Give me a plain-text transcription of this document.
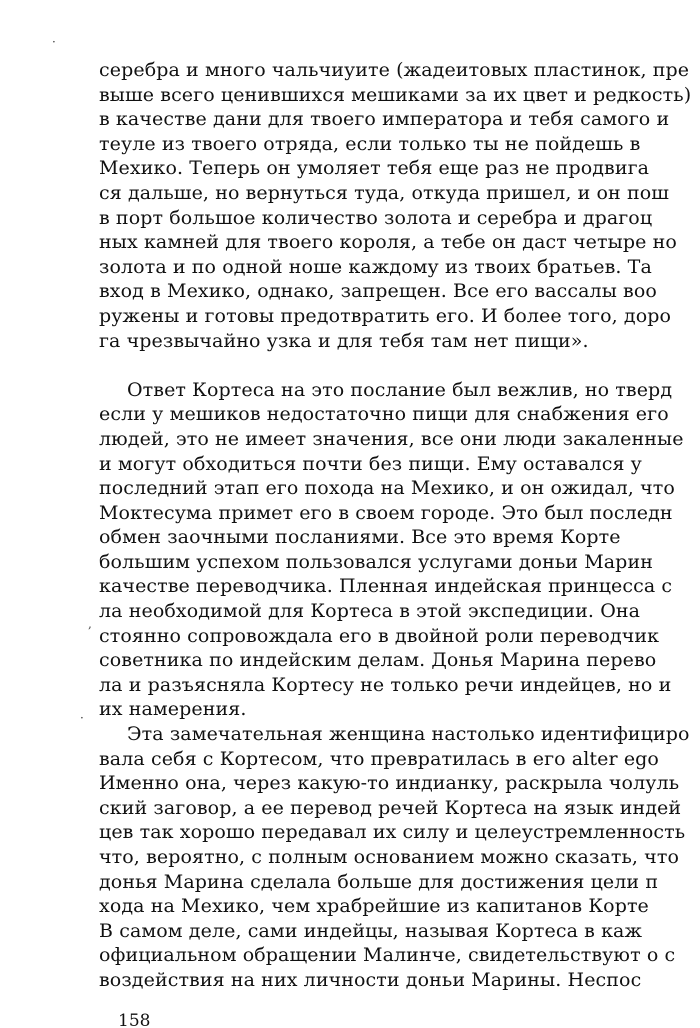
серебра и много чальчиуите (жадеитовых пластинок, пре
выше всего ценившихся мешиками за их цвет и редкость)
в качестве дани для твоего императора и тебя самого и
теуле из твоего отряда, если только ты не пойдешь в
Мехико. Теперь он умоляет тебя еще раз не продвига
ся дальше, но вернуться туда, откуда пришел, и он пош
в порт большое количество золота и серебра и драгоц
ных камней для твоего короля, а тебе он даст четыре но
золота и по одной ноше каждому из твоих братьев. Та
вход в Мехико, однако, запрещен. Все его вассалы воо
ружены и готовы предотвратить его. И более того, доро
га чрезвычайно узка и для тебя там нет пищи».
Ответ Кортеса на это послание был вежлив, но тверд
если у мешиков недостаточно пищи для снабжения его
людей, это не имеет значения, все они люди закаленные
и могут обходиться почти без пищи. Ему оставался у
последний этап его похода на Мехико, и он ожидал, что
Моктесума примет его в своем городе. Это был последн
обмен заочными посланиями. Все это время Корте
большим успехом пользовался услугами доньи Марин
качестве переводчика. Пленная индейская принцесса с
ла необходимой для Кортеса в этой экспедиции. Она
стоянно сопровождала его в двойной роли переводчик
советника по индейским делам. Донья Марина перево
ла и разъясняла Кортесу не только речи индейцев, но и
их намерения.
Эта замечательная женщина настолько идентифициро
вала себя с Кортесом, что превратилась в его alter ego
Именно она, через какую-то индианку, раскрыла чолуль
ский заговор, а ее перевод речей Кортеса на язык индей
цев так хорошо передавал их силу и целеустремленность
что, вероятно, с полным основанием можно сказать, что
донья Марина сделала больше для достижения цели п
хода на Мехико, чем храбрейшие из капитанов Корте
В самом деле, сами индейцы, называя Кортеса в каж
официальном обращении Малинче, свидетельствуют о с
воздействия на них личности доньи Марины. Неспос
·
,
·
158
